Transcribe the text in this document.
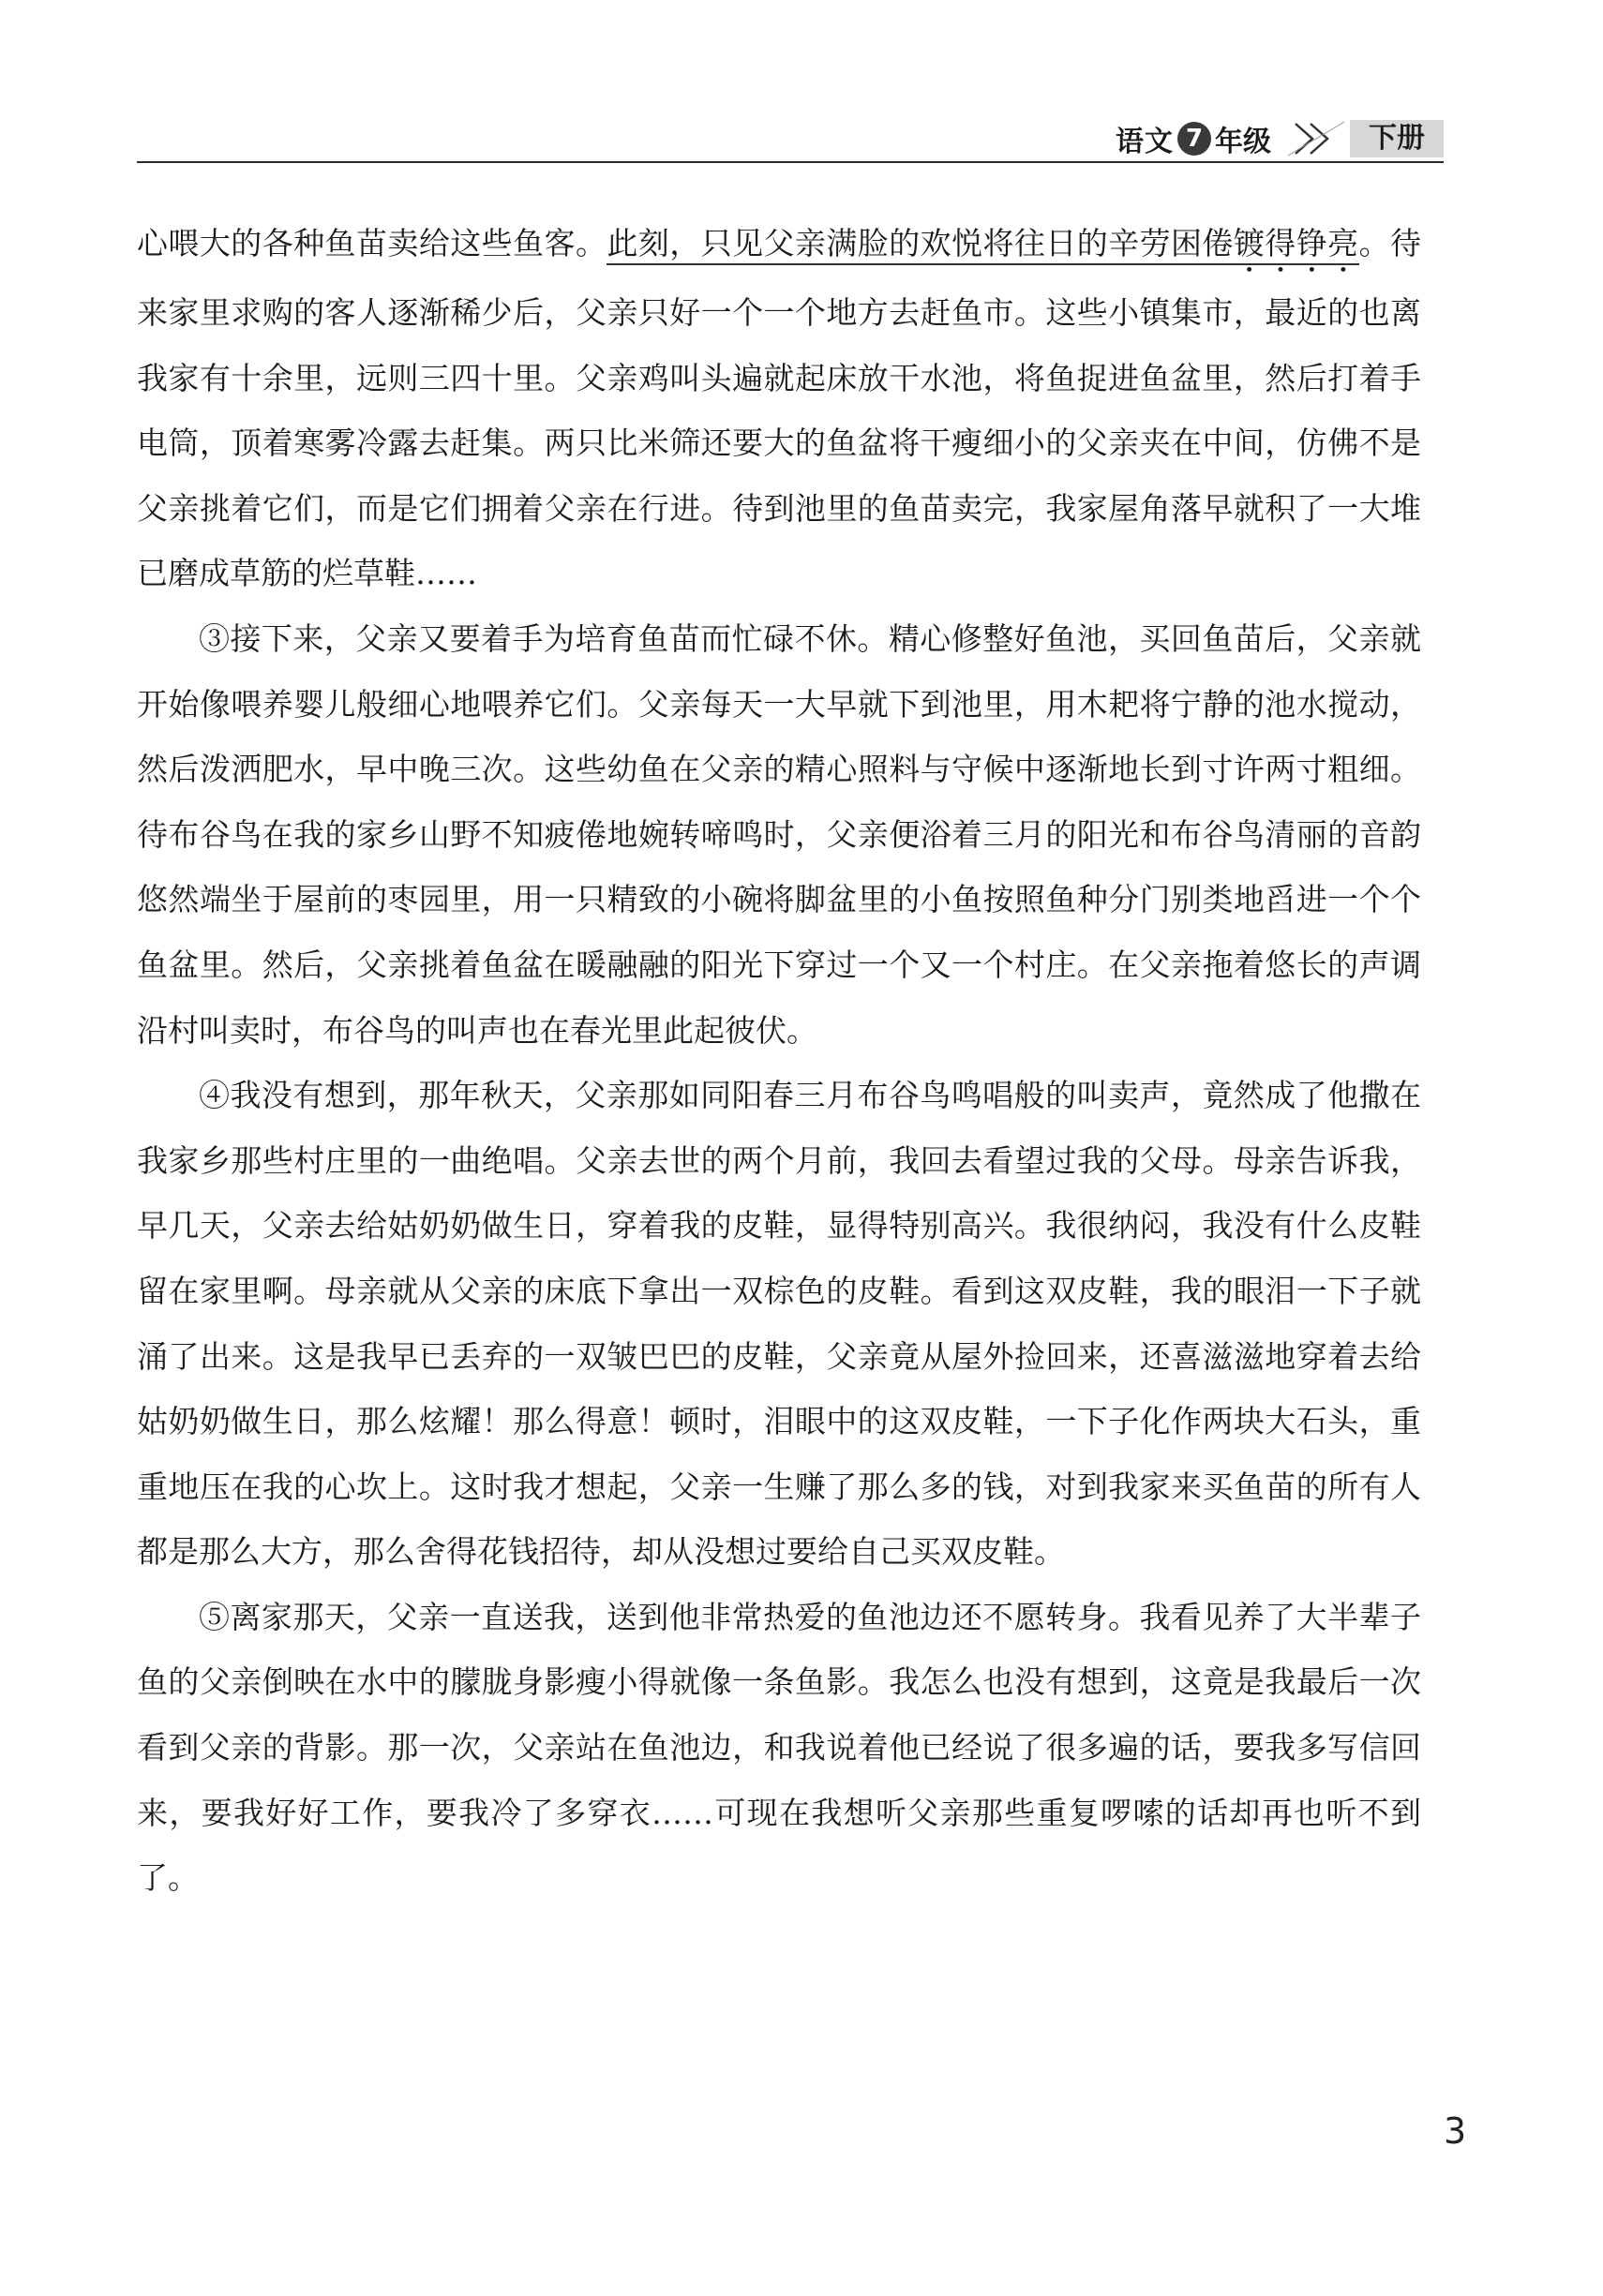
语文 7 年级	下册

心喂大的各种鱼苗卖给这些鱼客。此刻，只见父亲满脸的欢悦将往日的辛劳困倦镀得铮亮。待来家里求购的客人逐渐稀少后，父亲只好一个一个地方去赶鱼市。这些小镇集市，最近的也离我家有十余里，远则三四十里。父亲鸡叫头遍就起床放干水池，将鱼捉进鱼盆里，然后打着手电筒，顶着寒雾冷露去赶集。两只比米筛还要大的鱼盆将干瘦细小的父亲夹在中间，仿佛不是父亲挑着它们，而是它们拥着父亲在行进。待到池里的鱼苗卖完，我家屋角落早就积了一大堆已磨成草筋的烂草鞋……

③接下来，父亲又要着手为培育鱼苗而忙碌不休。精心修整好鱼池，买回鱼苗后，父亲就开始像喂养婴儿般细心地喂养它们。父亲每天一大早就下到池里，用木耙将宁静的池水搅动，然后泼洒肥水，早中晚三次。这些幼鱼在父亲的精心照料与守候中逐渐地长到寸许两寸粗细。待布谷鸟在我的家乡山野不知疲倦地婉转啼鸣时，父亲便浴着三月的阳光和布谷鸟清丽的音韵悠然端坐于屋前的枣园里，用一只精致的小碗将脚盆里的小鱼按照鱼种分门别类地舀进一个个鱼盆里。然后，父亲挑着鱼盆在暖融融的阳光下穿过一个又一个村庄。在父亲拖着悠长的声调沿村叫卖时，布谷鸟的叫声也在春光里此起彼伏。

④我没有想到，那年秋天，父亲那如同阳春三月布谷鸟鸣唱般的叫卖声，竟然成了他撒在我家乡那些村庄里的一曲绝唱。父亲去世的两个月前，我回去看望过我的父母。母亲告诉我，早几天，父亲去给姑奶奶做生日，穿着我的皮鞋，显得特别高兴。我很纳闷，我没有什么皮鞋留在家里啊。母亲就从父亲的床底下拿出一双棕色的皮鞋。看到这双皮鞋，我的眼泪一下子就涌了出来。这是我早已丢弃的一双皱巴巴的皮鞋，父亲竟从屋外捡回来，还喜滋滋地穿着去给姑奶奶做生日，那么炫耀！那么得意！顿时，泪眼中的这双皮鞋，一下子化作两块大石头，重重地压在我的心坎上。这时我才想起，父亲一生赚了那么多的钱，对到我家来买鱼苗的所有人都是那么大方，那么舍得花钱招待，却从没想过要给自己买双皮鞋。

⑤离家那天，父亲一直送我，送到他非常热爱的鱼池边还不愿转身。我看见养了大半辈子鱼的父亲倒映在水中的朦胧身影瘦小得就像一条鱼影。我怎么也没有想到，这竟是我最后一次看到父亲的背影。那一次，父亲站在鱼池边，和我说着他已经说了很多遍的话，要我多写信回来，要我好好工作，要我冷了多穿衣……可现在我想听父亲那些重复啰嗦的话却再也听不到了。

3
